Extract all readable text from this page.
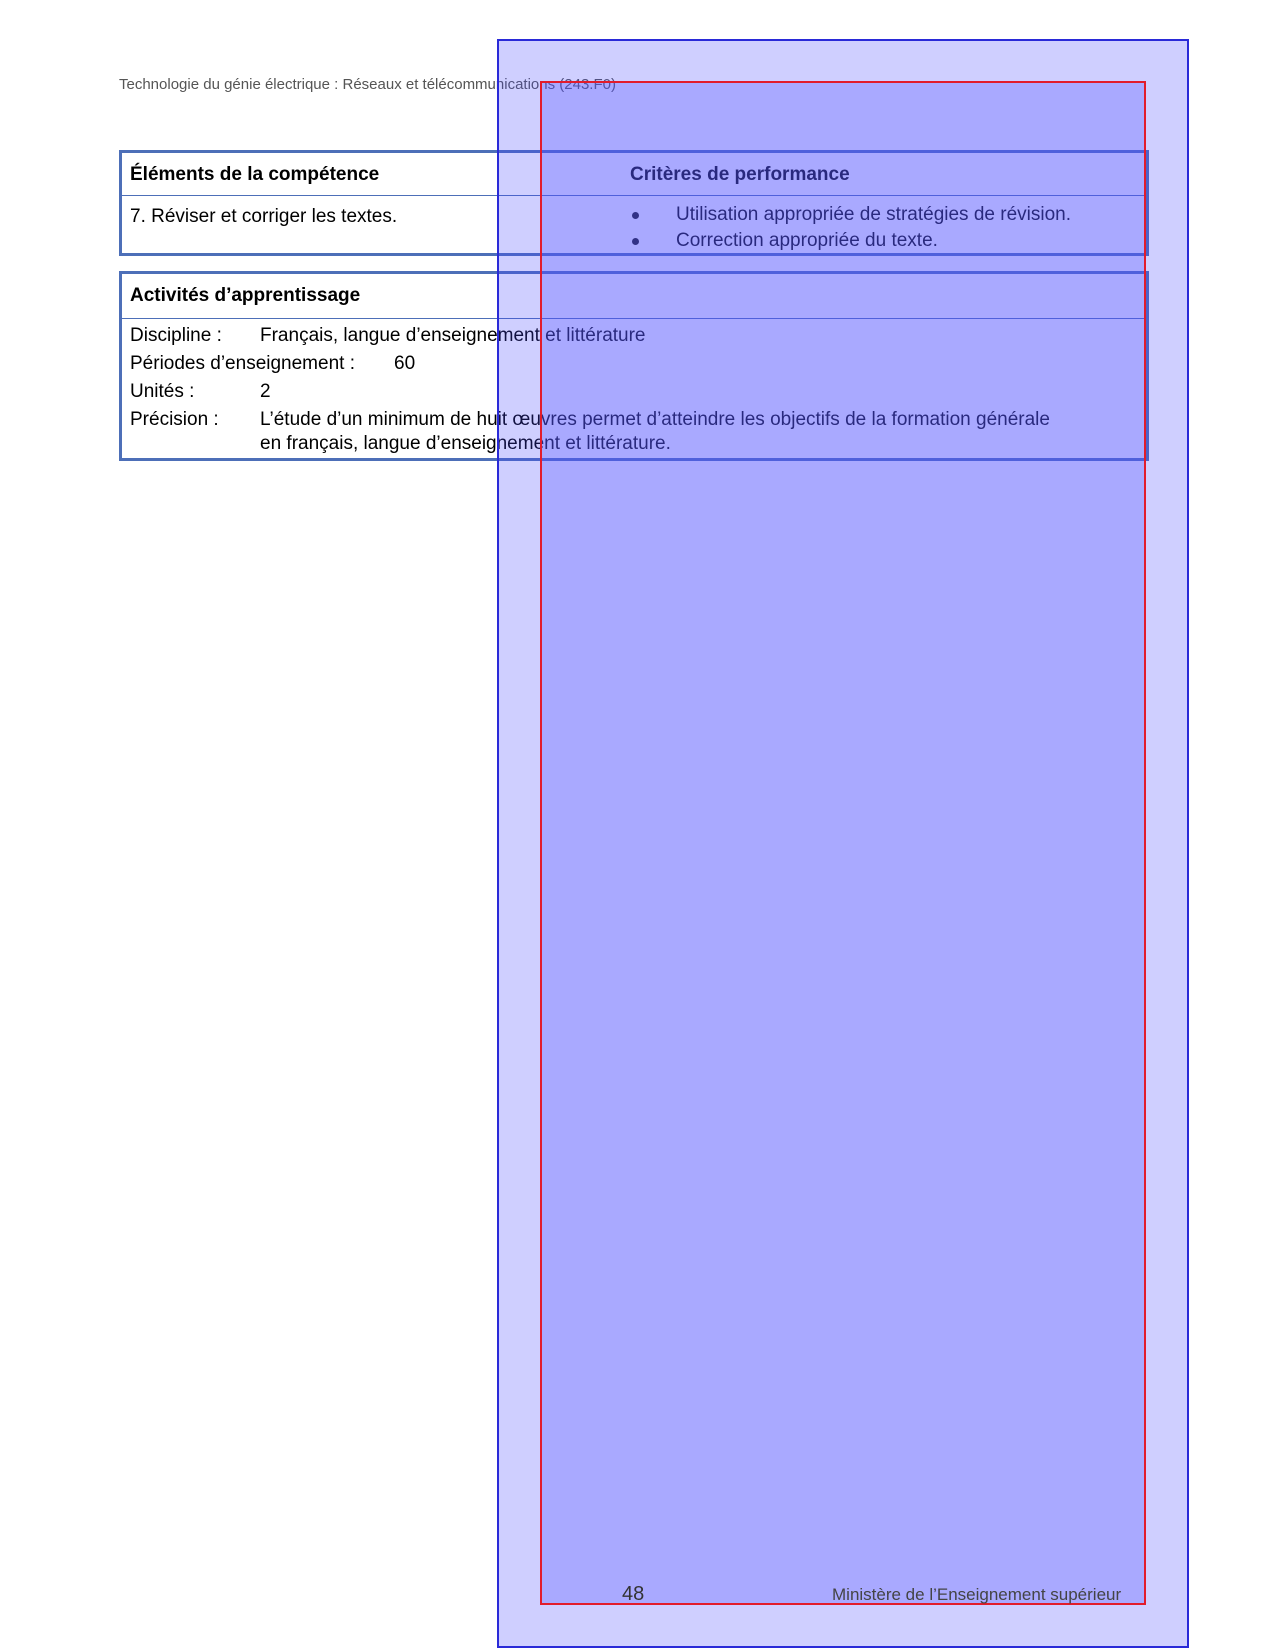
Technologie du génie électrique : Réseaux et télécommunications (243.F0)
Éléments de la compétence	Critères de performance
7. Réviser et corriger les textes.	Utilisation appropriée de stratégies de révision.
Correction appropriée du texte.
Activités d’apprentissage
Discipline : Français, langue d’enseignement et littérature
Périodes d’enseignement : 60
Unités :	2
Précision : L’étude d’un minimum de huit œuvres permet d’atteindre les objectifs de la formation générale
en français, langue d’enseignement et littérature.
48	Ministère de l’Enseignement supérieur
